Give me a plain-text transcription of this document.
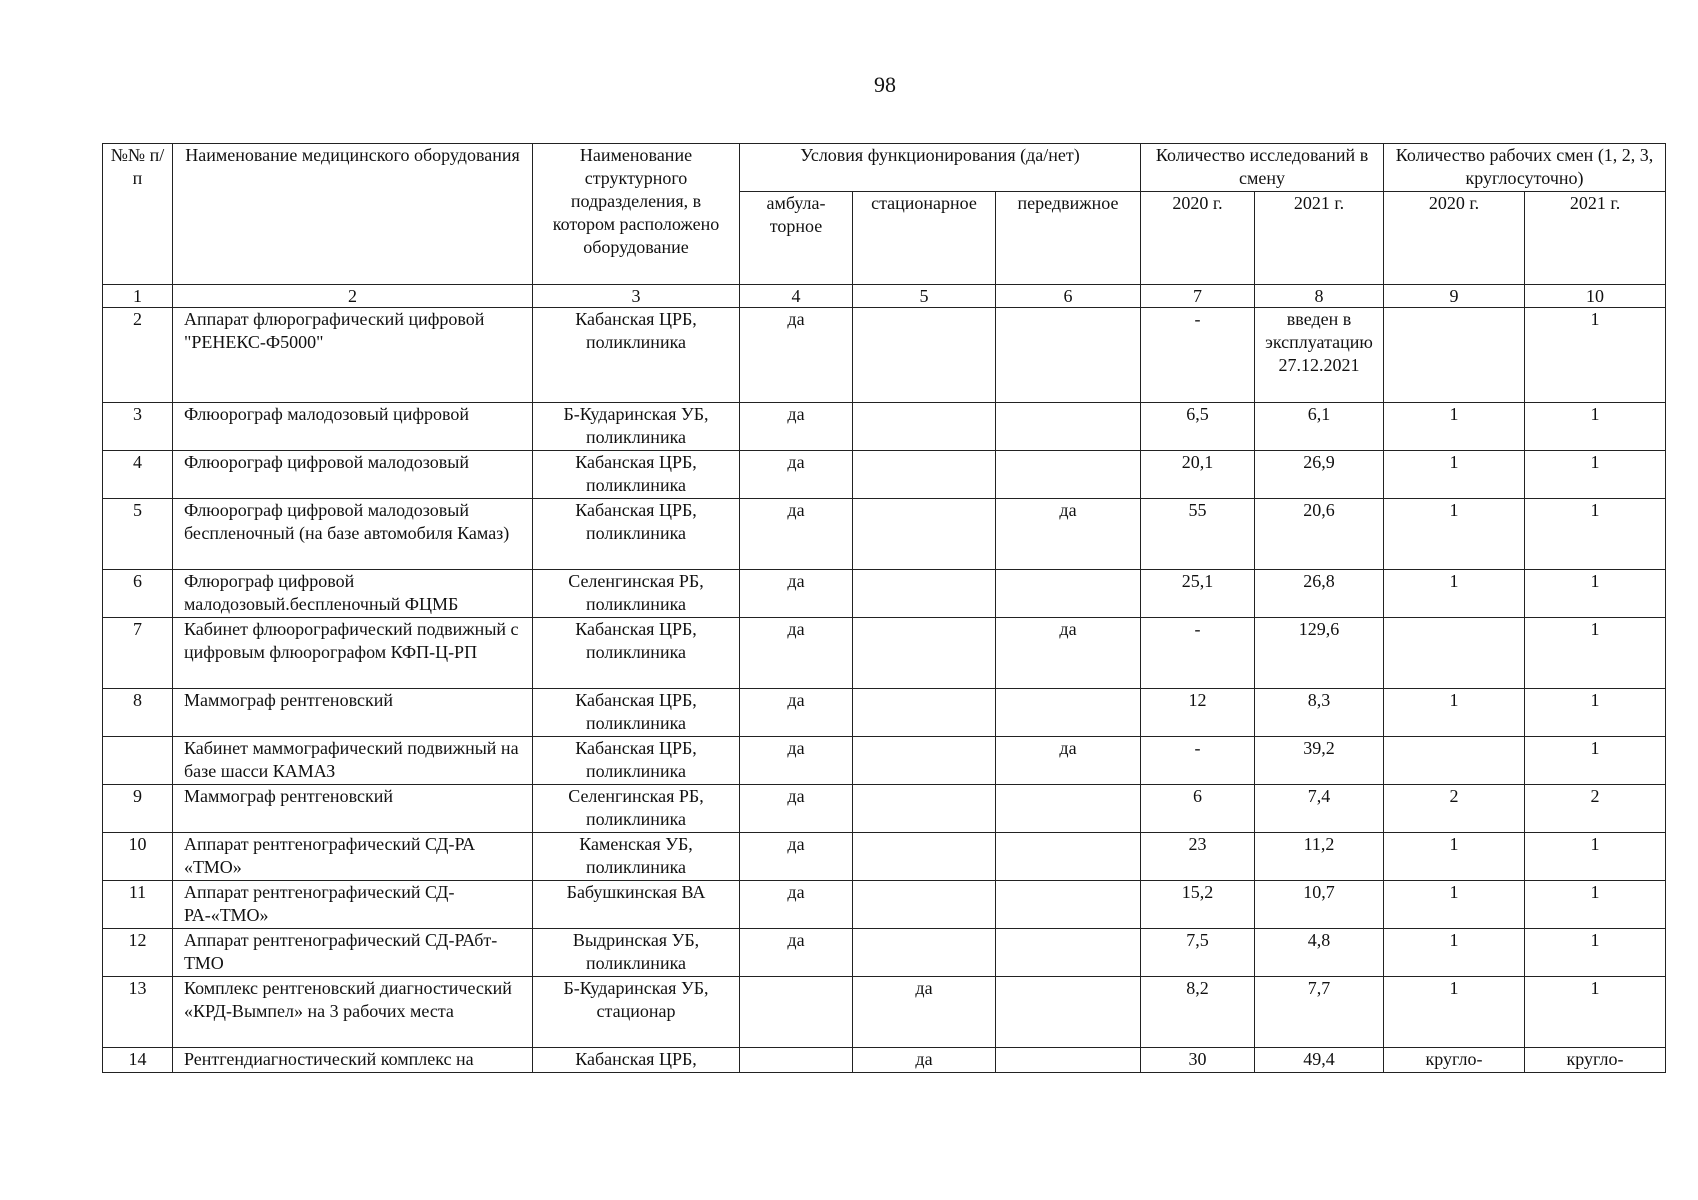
98
№№ п/п	Наименование медицинского оборудования	Наименование структурного подразделения, в котором расположено оборудование	Условия функционирования (да/нет)			Количество исследований в смену		Количество рабочих смен (1, 2, 3, круглосуточно)	
			амбула-торное	стационарное	передвижное	2020 г.	2021 г.	2020 г.	2021 г.
1	2	3	4	5	6	7	8	9	10
2	Аппарат флюрографический цифровой "РЕНЕКС-Ф5000"	Кабанская ЦРБ, поликлиника	да			-	введен в эксплуатацию 27.12.2021		1
3	Флюорограф малодозовый цифровой	Б-Кударинская УБ, поликлиника	да			6,5	6,1	1	1
4	Флюорограф цифровой малодозовый	Кабанская ЦРБ, поликлиника	да			20,1	26,9	1	1
5	Флюорограф цифровой малодозовый беспленочный (на базе автомобиля Камаз)	Кабанская ЦРБ, поликлиника	да		да	55	20,6	1	1
6	Флюрограф цифровой малодозовый.беспленочный ФЦМБ	Селенгинская РБ, поликлиника	да			25,1	26,8	1	1
7	Кабинет флюорографический подвижный с цифровым флюорографом КФП-Ц-РП	Кабанская ЦРБ, поликлиника	да		да	-	129,6		1
8	Маммограф рентгеновский	Кабанская ЦРБ, поликлиника	да			12	8,3	1	1
	Кабинет маммографический подвижный на базе шасси КАМАЗ	Кабанская ЦРБ, поликлиника	да		да	-	39,2		1
9	Маммограф рентгеновский	Селенгинская РБ, поликлиника	да			6	7,4	2	2
10	Аппарат рентгенографический СД-РА «ТМО»	Каменская УБ, поликлиника	да			23	11,2	1	1
11	Аппарат рентгенографический СД-РА-«ТМО»	Бабушкинская ВА	да			15,2	10,7	1	1
12	Аппарат рентгенографический СД-РАбт-ТМО	Выдринская УБ, поликлиника	да			7,5	4,8	1	1
13	Комплекс рентгеновский диагностический «КРД-Вымпел» на 3 рабочих места	Б-Кударинская УБ, стационар		да		8,2	7,7	1	1
14	Рентгендиагностический комплекс на	Кабанская ЦРБ,		да		30	49,4	кругло-	кругло-
